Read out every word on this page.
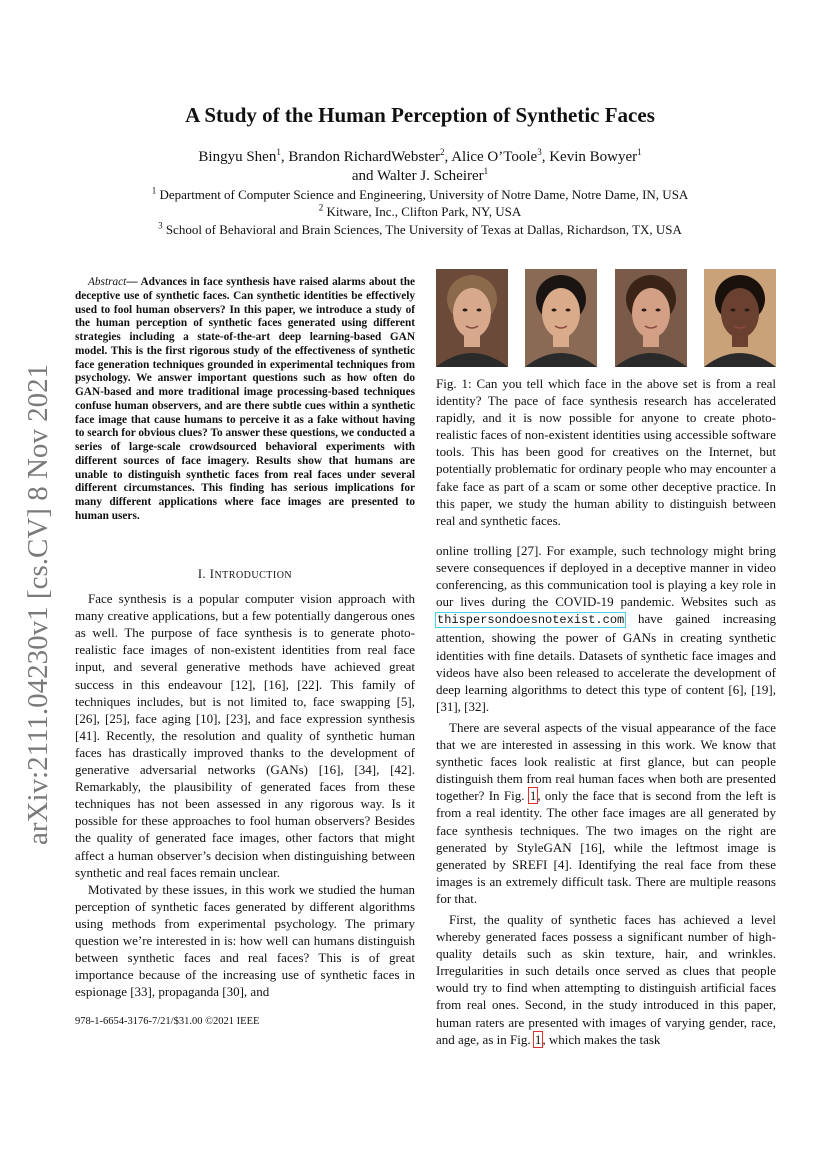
arXiv:2111.04230v1 [cs.CV] 8 Nov 2021
A Study of the Human Perception of Synthetic Faces
Bingyu Shen$^1$, Brandon RichardWebster$^2$, Alice O’Toole$^3$, Kevin Bowyer$^1$
and Walter J. Scheirer$^1$
$^1$ Department of Computer Science and Engineering, University of Notre Dame, Notre Dame, IN, USA
$^2$ Kitware, Inc., Clifton Park, NY, USA
$^3$ School of Behavioral and Brain Sciences, The University of Texas at Dallas, Richardson, TX, USA
Abstract— Advances in face synthesis have raised alarms about the deceptive use of synthetic faces. Can synthetic identities be effectively used to fool human observers? In this paper, we introduce a study of the human perception of synthetic faces generated using different strategies including a state-of-the-art deep learning-based GAN model. This is the first rigorous study of the effectiveness of synthetic face generation techniques grounded in experimental techniques from psychology. We answer important questions such as how often do GAN-based and more traditional image processing-based techniques confuse human observers, and are there subtle cues within a synthetic face image that cause humans to perceive it as a fake without having to search for obvious clues? To answer these questions, we conducted a series of large-scale crowdsourced behavioral experiments with different sources of face imagery. Results show that humans are unable to distinguish synthetic faces from real faces under several different circumstances. This finding has serious implications for many different applications where face images are presented to human users.
I. INTRODUCTION

Face synthesis is a popular computer vision approach with many creative applications, but a few potentially dangerous ones as well. The purpose of face synthesis is to generate photo-realistic face images of non-existent identities from real face input, and several generative methods have achieved great success in this endeavour [12], [16], [22]. This family of techniques includes, but is not limited to, face swapping [5], [26], [25], face aging [10], [23], and face expression synthesis [41]. Recently, the resolution and quality of synthetic human faces has drastically improved thanks to the development of generative adversarial networks (GANs) [16], [34], [42]. Remarkably, the plausibility of generated faces from these techniques has not been assessed in any rigorous way. Is it possible for these approaches to fool human observers? Besides the quality of generated face images, other factors that might affect a human observer’s decision when distinguishing between synthetic and real faces remain unclear.

Motivated by these issues, in this work we studied the human perception of synthetic faces generated by different algorithms using methods from experimental psychology. The primary question we’re interested in is: how well can humans distinguish between synthetic faces and real faces? This is of great importance because of the increasing use of synthetic faces in espionage [33], propaganda [30], and

978-1-6654-3176-7/21/$31.00 ©2021 IEEE
Fig. 1: Can you tell which face in the above set is from a real identity? The pace of face synthesis research has accelerated rapidly, and it is now possible for anyone to create photo-realistic faces of non-existent identities using accessible software tools. This has been good for creatives on the Internet, but potentially problematic for ordinary people who may encounter a fake face as part of a scam or some other deceptive practice. In this paper, we study the human ability to distinguish between real and synthetic faces.

online trolling [27]. For example, such technology might bring severe consequences if deployed in a deceptive manner in video conferencing, as this communication tool is playing a key role in our lives during the COVID-19 pandemic. Websites such as thispersondoesnotexist.com have gained increasing attention, showing the power of GANs in creating synthetic identities with fine details. Datasets of synthetic face images and videos have also been released to accelerate the development of deep learning algorithms to detect this type of content [6], [19], [31], [32].

There are several aspects of the visual appearance of the face that we are interested in assessing in this work. We know that synthetic faces look realistic at first glance, but can people distinguish them from real human faces when both are presented together? In Fig. 1, only the face that is second from the left is from a real identity. The other face images are all generated by face synthesis techniques. The two images on the right are generated by StyleGAN [16], while the leftmost image is generated by SREFI [4]. Identifying the real face from these images is an extremely difficult task. There are multiple reasons for that.

First, the quality of synthetic faces has achieved a level whereby generated faces possess a significant number of high-quality details such as skin texture, hair, and wrinkles. Irregularities in such details once served as clues that people would try to find when attempting to distinguish artificial faces from real ones. Second, in the study introduced in this paper, human raters are presented with images of varying gender, race, and age, as in Fig. 1, which makes the task
